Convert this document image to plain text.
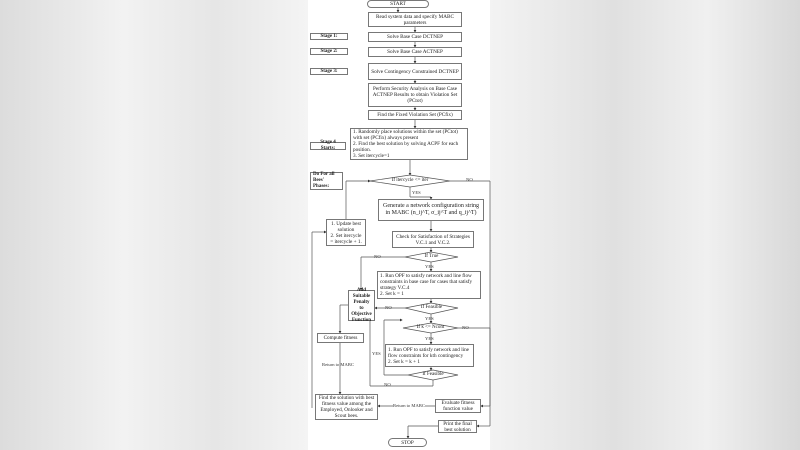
START
Read system data and specify MABC parameters
Stage 1:	Solve Base Case DCTNEP
Stage 2:	Solve Base Case ACTNEP
Stage 3:	Solve Contingency Constrained DCTNEP
Perform Security Analysis on Base Case ACTNEP Results to obtain Violation Set (PCtot)
Find the Fixed Violation Set (PCfix)
Stage 4 Starts:
1. Randomly place solutions within the set (PCtot) with set (PCfix) always present
2. Find the best solution by solving ACPF for each position.
3. Set itercycle=1
Do For all Bees' Phases:
If itercycle <= iter	NO
YES
Generate a network configuration string in MABC (n_ij^T, σ_ij^T and q_ij^T)
1. Update best solution
2. Set itercycle = itercycle + 1.
Check for Satisfaction of Strategies V.C.1 and V.C.2.
If True
NO
YES
1. Run OPF to satisfy network and line flow constraints in base case for cases that satisfy strategy V.C.4
2. Set k = 1
Add Suitable Penalty to Objective Function
If Feasible
NO
YES
Compute fitness
If k <= Ncont	NO
YES
YES
1. Run OPF to satisfy network and line flow constraints for kth contingency
2. Set k = k + 1
If Feasible
NO
Return to MABC
Find the solution with best fitness value among the Employed, Onlooker and Scout bees.
Return to MABC	Evaluate fitness function value
Print the final best solution
STOP
